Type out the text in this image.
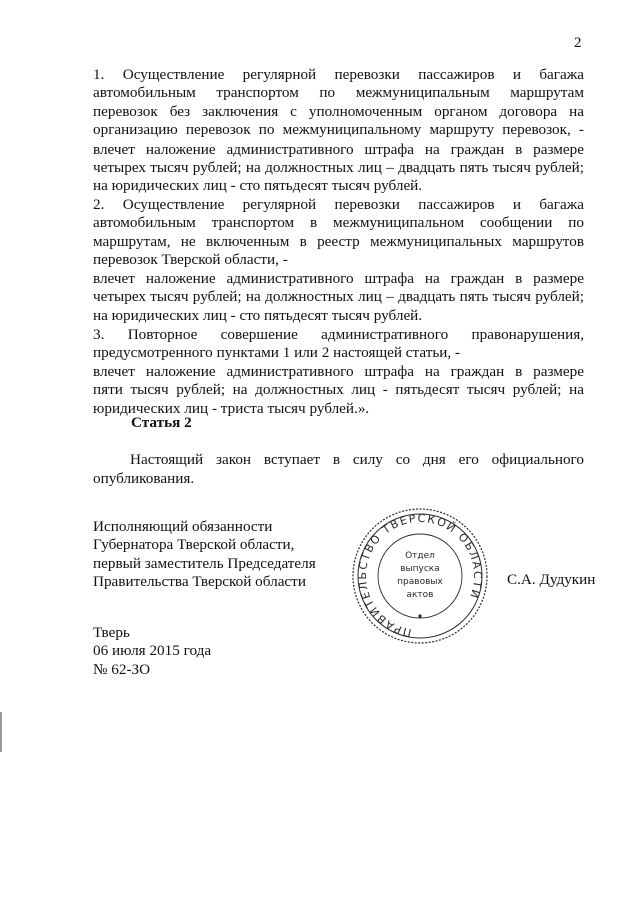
2
1. Осуществление регулярной перевозки пассажиров и багажа
автомобильным транспортом по межмуниципальным маршрутам
перевозок без заключения с уполномоченным органом договора на
организацию перевозок по межмуниципальному маршруту перевозок, -
влечет наложение административного штрафа на граждан в размере
четырех тысяч рублей; на должностных лиц – двадцать пять тысяч рублей;
на юридических лиц - сто пятьдесят тысяч рублей.
2. Осуществление регулярной перевозки пассажиров и багажа
автомобильным транспортом в межмуниципальном сообщении по
маршрутам, не включенным в реестр межмуниципальных маршрутов
перевозок Тверской области, -
влечет наложение административного штрафа на граждан в размере
четырех тысяч рублей; на должностных лиц – двадцать пять тысяч рублей;
на юридических лиц - сто пятьдесят тысяч рублей.
3. Повторное совершение административного правонарушения,
предусмотренного пунктами 1 или 2 настоящей статьи, -
влечет наложение административного штрафа на граждан в размере
пяти тысяч рублей; на должностных лиц - пятьдесят тысяч рублей; на
юридических лиц - триста тысяч рублей.».
Статья 2
Настоящий закон вступает в силу со дня его официального опубликования.
Исполняющий обязанности
Губернатора Тверской области,
первый заместитель Председателя
Правительства Тверской области	С.А. Дудукин
ПРАВИТЕЛЬСТВО ТВЕРСКОЙ ОБЛАСТИ
Отдел
выпуска
правовых
актов
Тверь
06 июля 2015 года
№ 62-ЗО
